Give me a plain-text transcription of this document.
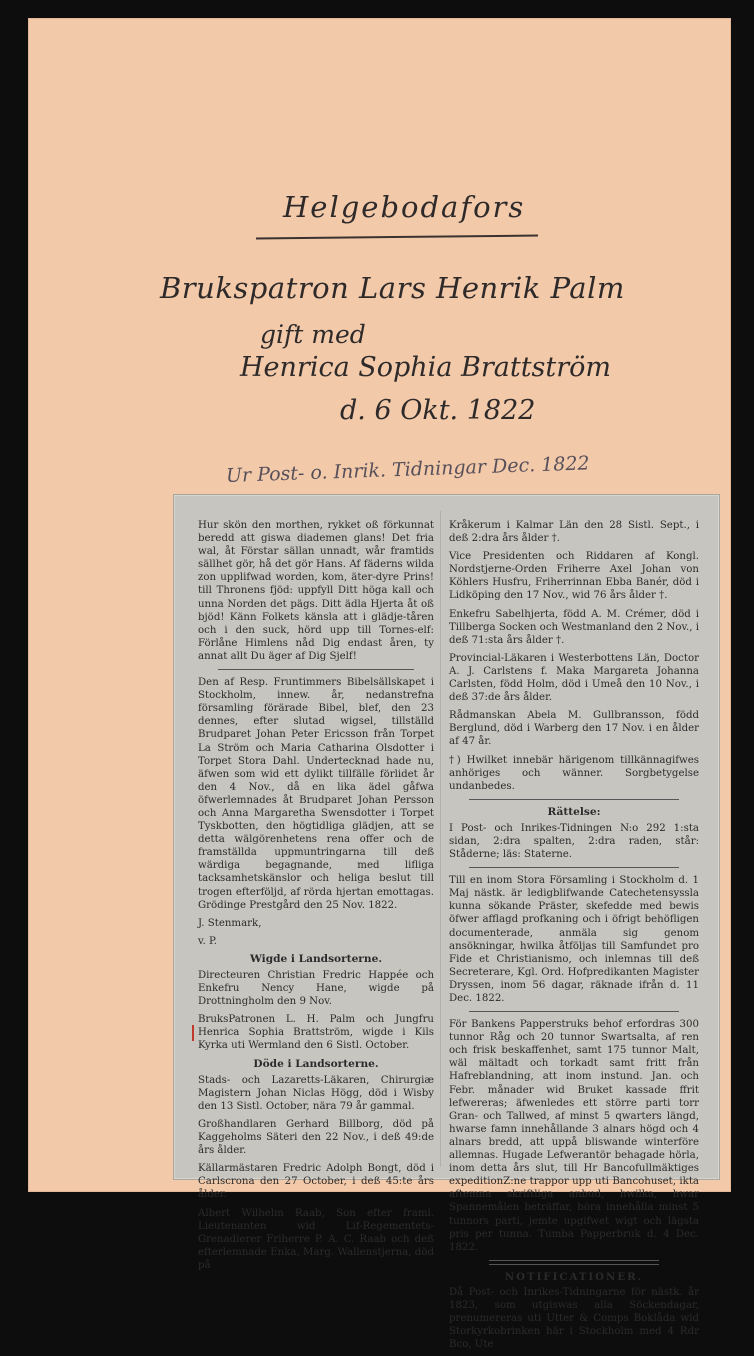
Helgebodafors
Brukspatron Lars Henrik Palm
gift med
Henrica Sophia Brattström
d. 6 Okt. 1822
Ur Post- o. Inrik. Tidningar Dec. 1822

Hur skön den morthen, rykket oß förkunnat beredd att giswa diademen glans! Det fria wal, åt Förstar sällan unnadt, wår framtids sällhet gör, hå det gör Hans. Af fäderns wilda zon upplifwad worden, kom, äter-dyre Prins! till Thronens fjöd: uppfyll Ditt höga kall och unna Norden det pägs. Ditt ädla Hjerta åt oß bjöd! Känn Folkets känsla att i glädje-tåren och i den suck, hörd upp till Tornes-elf: Förlåne Himlens nåd Dig endast åren, ty annat allt Du äger af Dig Sjelf!

Den af Resp. Fruntimmers Bibelsällskapet i Stockholm, innew. år, nedanstrefna församling förärade Bibel, blef, den 23 dennes, efter slutad wigsel, tillställd Brudparet Johan Peter Ericsson från Torpet La Ström och Maria Catharina Olsdotter i Torpet Stora Dahl. Undertecknad hade nu, äfwen som wid ett dylikt tillfälle förlidet år den 4 Nov., då en lika ädel gåfwa öfwerlemnades åt Brudparet Johan Persson och Anna Margaretha Swensdotter i Torpet Tyskbotten, den högtidliga glädjen, att se detta wälgörenhetens rena offer och de framställda uppmuntringarna till deß wärdiga begagnande, med lifliga tacksamhetskänslor och heliga beslut till trogen efterföljd, af rörda hjertan emottagas. Grödinge Prestgård den 25 Nov. 1822.

J. Stenmark,

v. P.

Wigde i Landsorterne.

Directeuren Christian Fredric Happée och Enkefru Nency Hane, wigde på Drottningholm den 9 Nov.

BruksPatronen L. H. Palm och Jungfru Henrica Sophia Brattström, wigde i Kils Kyrka uti Wermland den 6 Sistl. October.

Döde i Landsorterne.

Stads- och Lazaretts-Läkaren, Chirurgiæ Magistern Johan Niclas Högg, död i Wisby den 13 Sistl. October, nära 79 år gammal.

Großhandlaren Gerhard Billborg, död på Kaggeholms Säteri den 22 Nov., i deß 49:de års ålder.

Källarmästaren Fredric Adolph Bongt, död i Carlscrona den 27 October, i deß 45:te års ålder.

Albert Wilhelm Raab, Son efter framl. Lieutenanten wid Lif-Regementets-Grenadierer Friherre P. A. C. Raab och deß efterlemnade Enka, Marg. Wallenstjerna, död på

Kråkerum i Kalmar Län den 28 Sistl. Sept., i deß 2:dra års ålder †.

Vice Presidenten och Riddaren af Kongl. Nordstjerne-Orden Friherre Axel Johan von Köhlers Husfru, Friherrinnan Ebba Banér, död i Lidköping den 17 Nov., wid 76 års ålder †.

Enkefru Sabelhjerta, född A. M. Crémer, död i Tillberga Socken och Westmanland den 2 Nov., i deß 71:sta års ålder †.

Provincial-Läkaren i Westerbottens Län, Doctor A. J. Carlstens f. Maka Margareta Johanna Carlsten, född Holm, död i Umeå den 10 Nov., i deß 37:de års ålder.

Rådmanskan Abela M. Gullbransson, född Berglund, död i Warberg den 17 Nov. i en ålder af 47 år.

†) Hwilket innebär härigenom tillkännagifwes anhöriges och wänner. Sorgbetygelse undanbedes.

Rättelse:

I Post- och Inrikes-Tidningen N:o 292 1:sta sidan, 2:dra spalten, 2:dra raden, står: Ståderne; läs: Staterne.

Till en inom Stora Församling i Stockholm d. 1 Maj nästk. är ledigblifwande Catechetensyssla kunna sökande Präster, skefedde med bewis öfwer afflagd profkaning och i öfrigt behöfligen documenterade, anmäla sig genom ansökningar, hwilka åtföljas till Samfundet pro Fide et Christianismo, och inlemnas till deß Secreterare, Kgl. Ord. Hofpredikanten Magister Dryssen, inom 56 dagar, räknade ifrån d. 11 Dec. 1822.

För Bankens Papperstruks behof erfordras 300 tunnor Råg och 20 tunnor Swartsalta, af ren och frisk beskaffenhet, samt 175 tunnor Malt, wäl mältadt och torkadt samt fritt från Hafreblandning, att inom instund. Jan. och Febr. månader wid Bruket kassade ffrit lefwereras; äfwenledes ett större parti torr Gran- och Tallwed, af minst 5 qwarters längd, hwarse famn innehållande 3 alnars högd och 4 alnars bredd, att uppå bliswande winterföre allemnas. Hugade Lefwerantör behagade hörla, inom detta års slut, till Hr Bancofullmäktiges expeditionZ:ne trappor upp uti Bancohuset, ikta aftemna skriftliga anbud, hwilka, hwar Spannemålen beträffar, böra innehålla minst 5 tunnors parti, jemte upgifwet wigt och lägsta pris per tunna. Tumba Papperbruk d. 4 Dec. 1822.

NOTIFICATIONER.

Då Post- och Inrikes-Tidningarne för nästk. år 1823, som utgiswas alla Söckendagar, prenumereras uti Utter & Comps Boklåda wid Storkyrkobrinken här i Stockholm med 4 Rdr Bco, Ute
